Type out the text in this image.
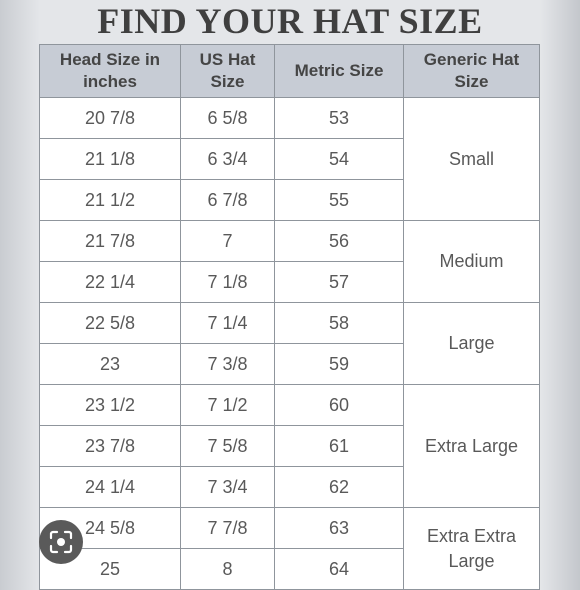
FIND YOUR HAT SIZE
Head Size in inches	US Hat Size	Metric Size	Generic Hat Size
20 7/8	6 5/8	53	Small
21 1/8	6 3/4	54	
21 1/2	6 7/8	55	
21 7/8	7	56	Medium
22 1/4	7 1/8	57	
22 5/8	7 1/4	58	Large
23	7 3/8	59	
23 1/2	7 1/2	60	Extra Large
23 7/8	7 5/8	61	
24 1/4	7 3/4	62	
24 5/8	7 7/8	63	Extra Extra Large
25	8	64	
